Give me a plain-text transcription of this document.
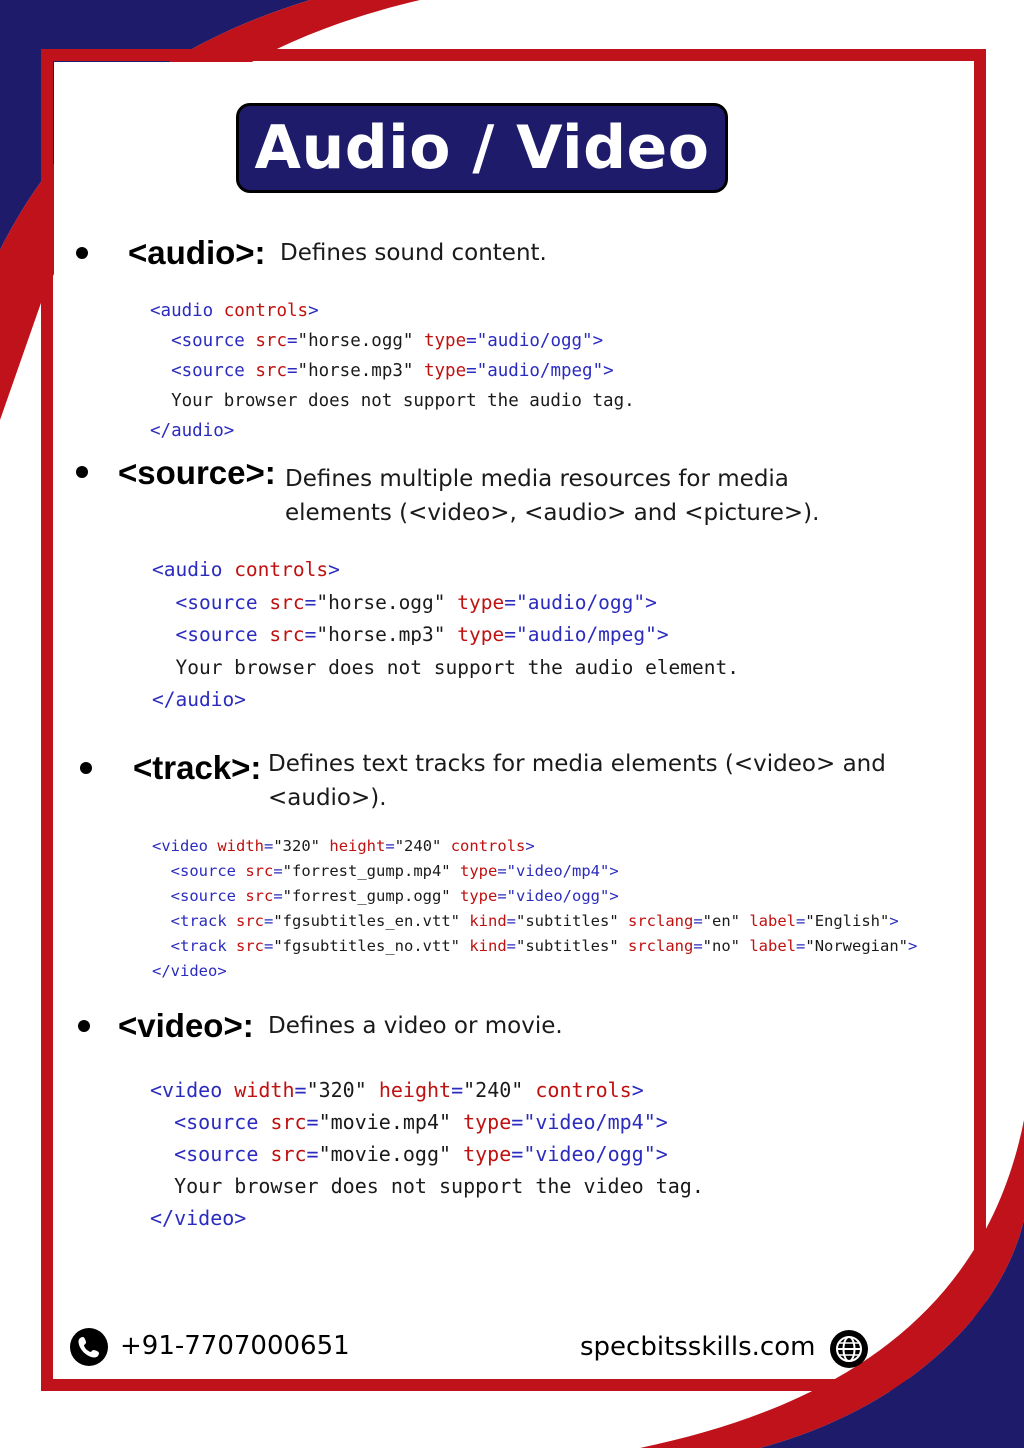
Audio / Video
<audio>: Defines sound content.
<audio controls>
<source src="horse.ogg" type="audio/ogg">
<source src="horse.mp3" type="audio/mpeg">
Your browser does not support the audio tag.
</audio>
<source>: Defines multiple media resources for media elements (<video>, <audio> and <picture>).
<audio controls>
<source src="horse.ogg" type="audio/ogg">
<source src="horse.mp3" type="audio/mpeg">
Your browser does not support the audio element.
</audio>
<track>: Defines text tracks for media elements (<video> and <audio>).
<video width="320" height="240" controls>
<source src="forrest_gump.mp4" type="video/mp4">
<source src="forrest_gump.ogg" type="video/ogg">
<track src="fgsubtitles_en.vtt" kind="subtitles" srclang="en" label="English">
<track src="fgsubtitles_no.vtt" kind="subtitles" srclang="no" label="Norwegian">
</video>
<video>: Defines a video or movie.
<video width="320" height="240" controls>
<source src="movie.mp4" type="video/mp4">
<source src="movie.ogg" type="video/ogg">
Your browser does not support the video tag.
</video>
+91-7707000651	specbitsskills.com
